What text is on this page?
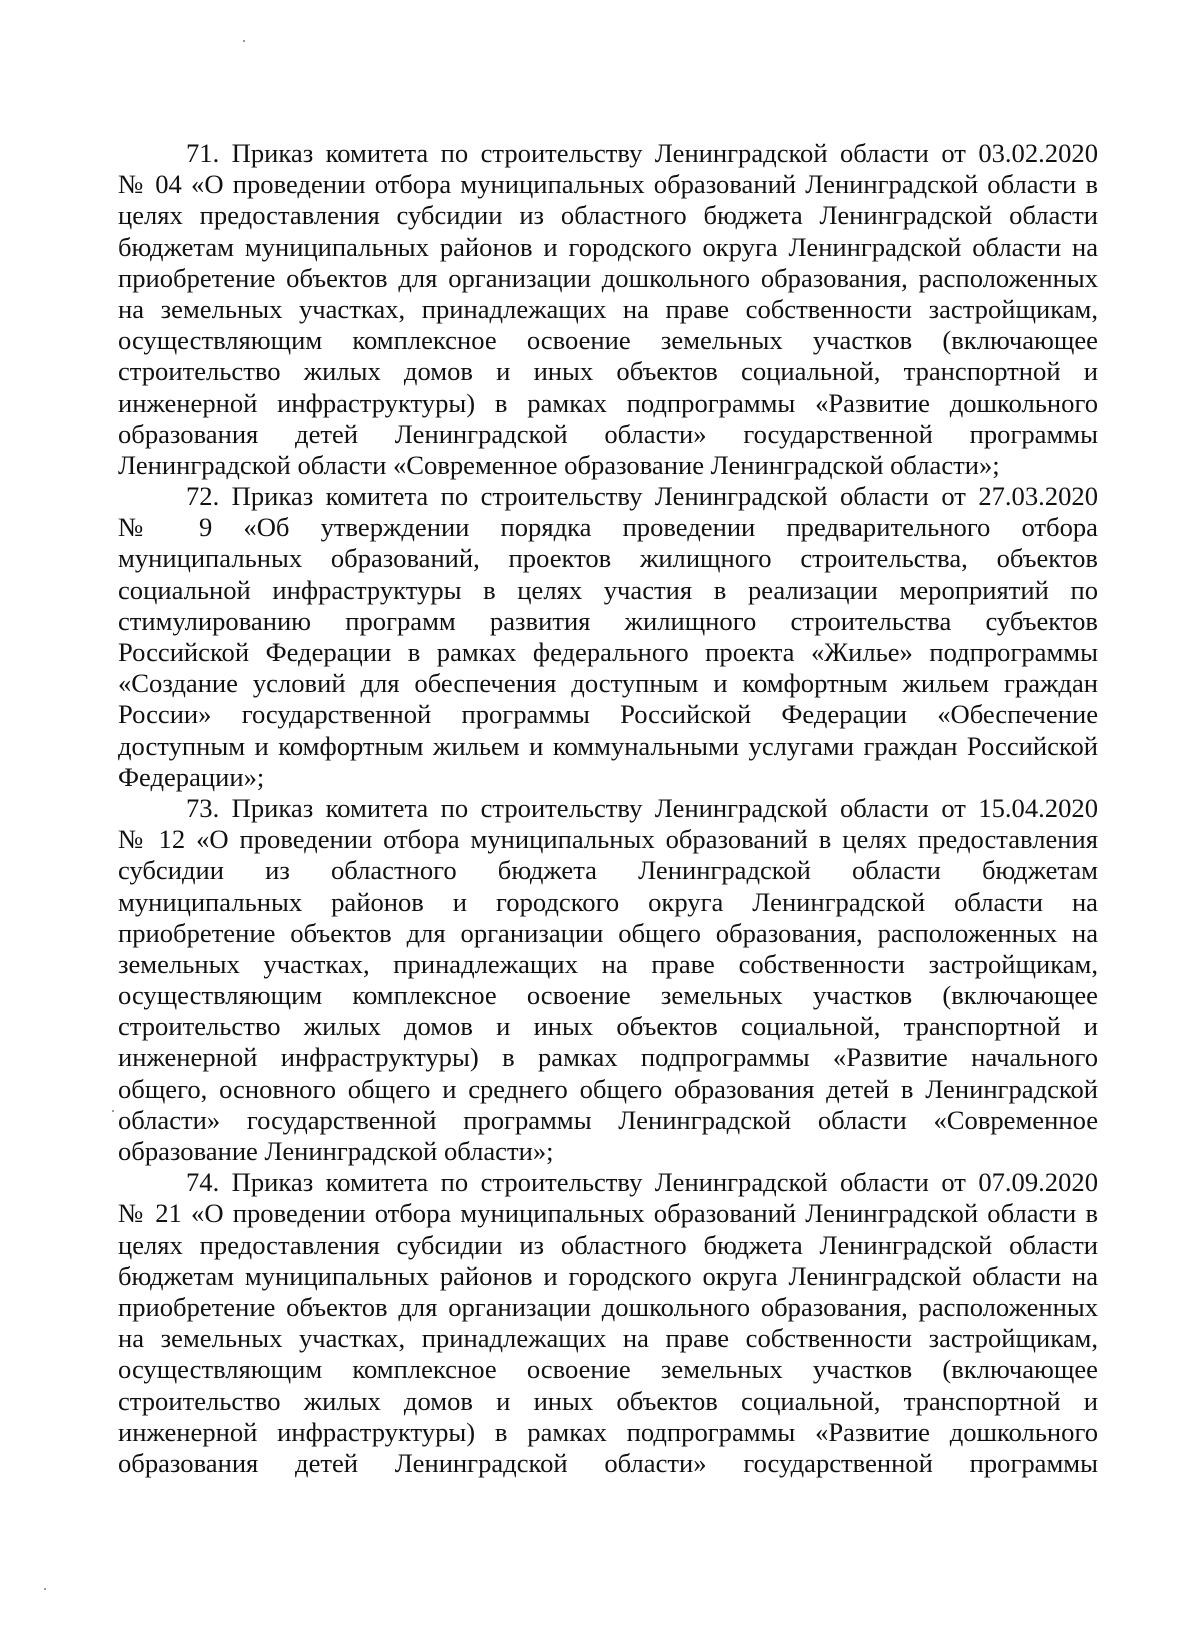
71. Приказ комитета по строительству Ленинградской области от 03.02.2020
№ 04 «О проведении отбора муниципальных образований Ленинградской области в
целях предоставления субсидии из областного бюджета Ленинградской области
бюджетам муниципальных районов и городского округа Ленинградской области на
приобретение объектов для организации дошкольного образования, расположенных
на земельных участках, принадлежащих на праве собственности застройщикам,
осуществляющим комплексное освоение земельных участков (включающее
строительство жилых домов и иных объектов социальной, транспортной и
инженерной инфраструктуры) в рамках подпрограммы «Развитие дошкольного
образования детей Ленинградской области» государственной программы
Ленинградской области «Современное образование Ленинградской области»;
72. Приказ комитета по строительству Ленинградской области от 27.03.2020
№ 9 «Об утверждении порядка проведении предварительного отбора
муниципальных образований, проектов жилищного строительства, объектов
социальной инфраструктуры в целях участия в реализации мероприятий по
стимулированию программ развития жилищного строительства субъектов
Российской Федерации в рамках федерального проекта «Жилье» подпрограммы
«Создание условий для обеспечения доступным и комфортным жильем граждан
России» государственной программы Российской Федерации «Обеспечение
доступным и комфортным жильем и коммунальными услугами граждан Российской
Федерации»;
73. Приказ комитета по строительству Ленинградской области от 15.04.2020
№ 12 «О проведении отбора муниципальных образований в целях предоставления
субсидии из областного бюджета Ленинградской области бюджетам
муниципальных районов и городского округа Ленинградской области на
приобретение объектов для организации общего образования, расположенных на
земельных участках, принадлежащих на праве собственности застройщикам,
осуществляющим комплексное освоение земельных участков (включающее
строительство жилых домов и иных объектов социальной, транспортной и
инженерной инфраструктуры) в рамках подпрограммы «Развитие начального
общего, основного общего и среднего общего образования детей в Ленинградской
области» государственной программы Ленинградской области «Современное
образование Ленинградской области»;
74. Приказ комитета по строительству Ленинградской области от 07.09.2020
№ 21 «О проведении отбора муниципальных образований Ленинградской области в
целях предоставления субсидии из областного бюджета Ленинградской области
бюджетам муниципальных районов и городского округа Ленинградской области на
приобретение объектов для организации дошкольного образования, расположенных
на земельных участках, принадлежащих на праве собственности застройщикам,
осуществляющим комплексное освоение земельных участков (включающее
строительство жилых домов и иных объектов социальной, транспортной и
инженерной инфраструктуры) в рамках подпрограммы «Развитие дошкольного
образования детей Ленинградской области» государственной программы
